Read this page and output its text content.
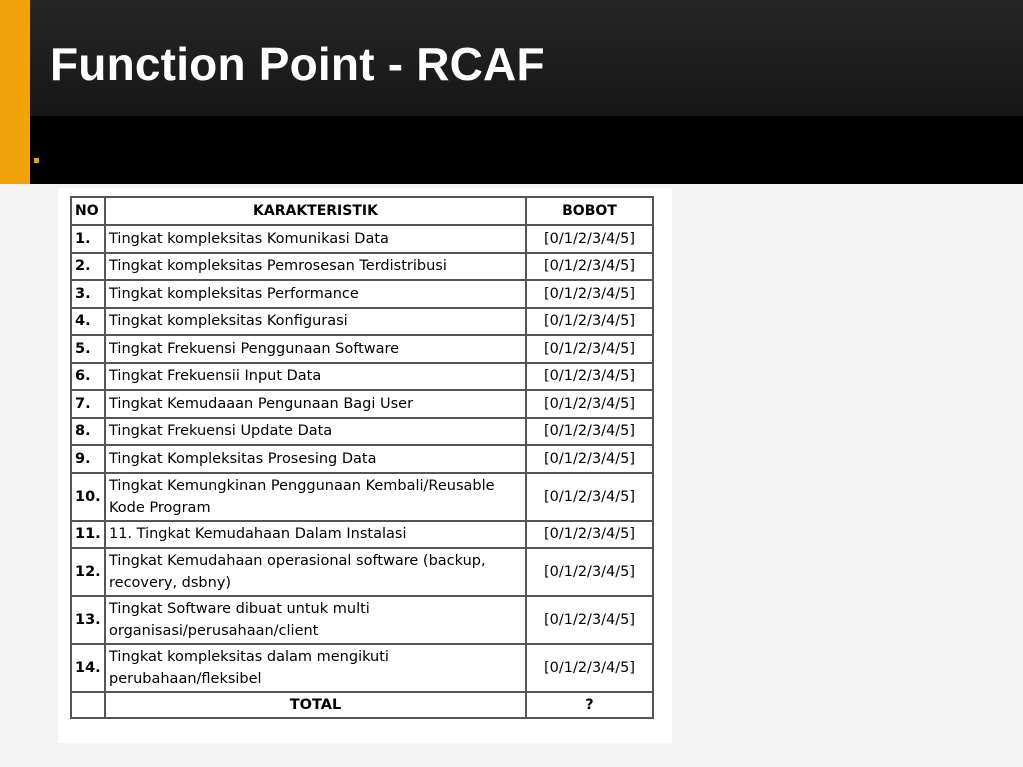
Function Point - RCAF
NO	KARAKTERISTIK	BOBOT
1.	Tingkat kompleksitas Komunikasi Data	[0/1/2/3/4/5]
2.	Tingkat kompleksitas Pemrosesan Terdistribusi	[0/1/2/3/4/5]
3.	Tingkat kompleksitas Performance	[0/1/2/3/4/5]
4.	Tingkat kompleksitas Konfigurasi	[0/1/2/3/4/5]
5.	Tingkat Frekuensi Penggunaan Software	[0/1/2/3/4/5]
6.	Tingkat Frekuensii Input Data	[0/1/2/3/4/5]
7.	Tingkat Kemudaaan Pengunaan Bagi User	[0/1/2/3/4/5]
8.	Tingkat Frekuensi Update Data	[0/1/2/3/4/5]
9.	Tingkat Kompleksitas Prosesing Data	[0/1/2/3/4/5]
10.	Tingkat Kemungkinan Penggunaan Kembali/Reusable Kode Program	[0/1/2/3/4/5]
11.	11. Tingkat Kemudahaan Dalam Instalasi	[0/1/2/3/4/5]
12.	Tingkat Kemudahaan operasional software (backup, recovery, dsbny)	[0/1/2/3/4/5]
13.	Tingkat Software dibuat untuk multi organisasi/perusahaan/client	[0/1/2/3/4/5]
14.	Tingkat kompleksitas dalam mengikuti perubahaan/fleksibel	[0/1/2/3/4/5]
	TOTAL	?
